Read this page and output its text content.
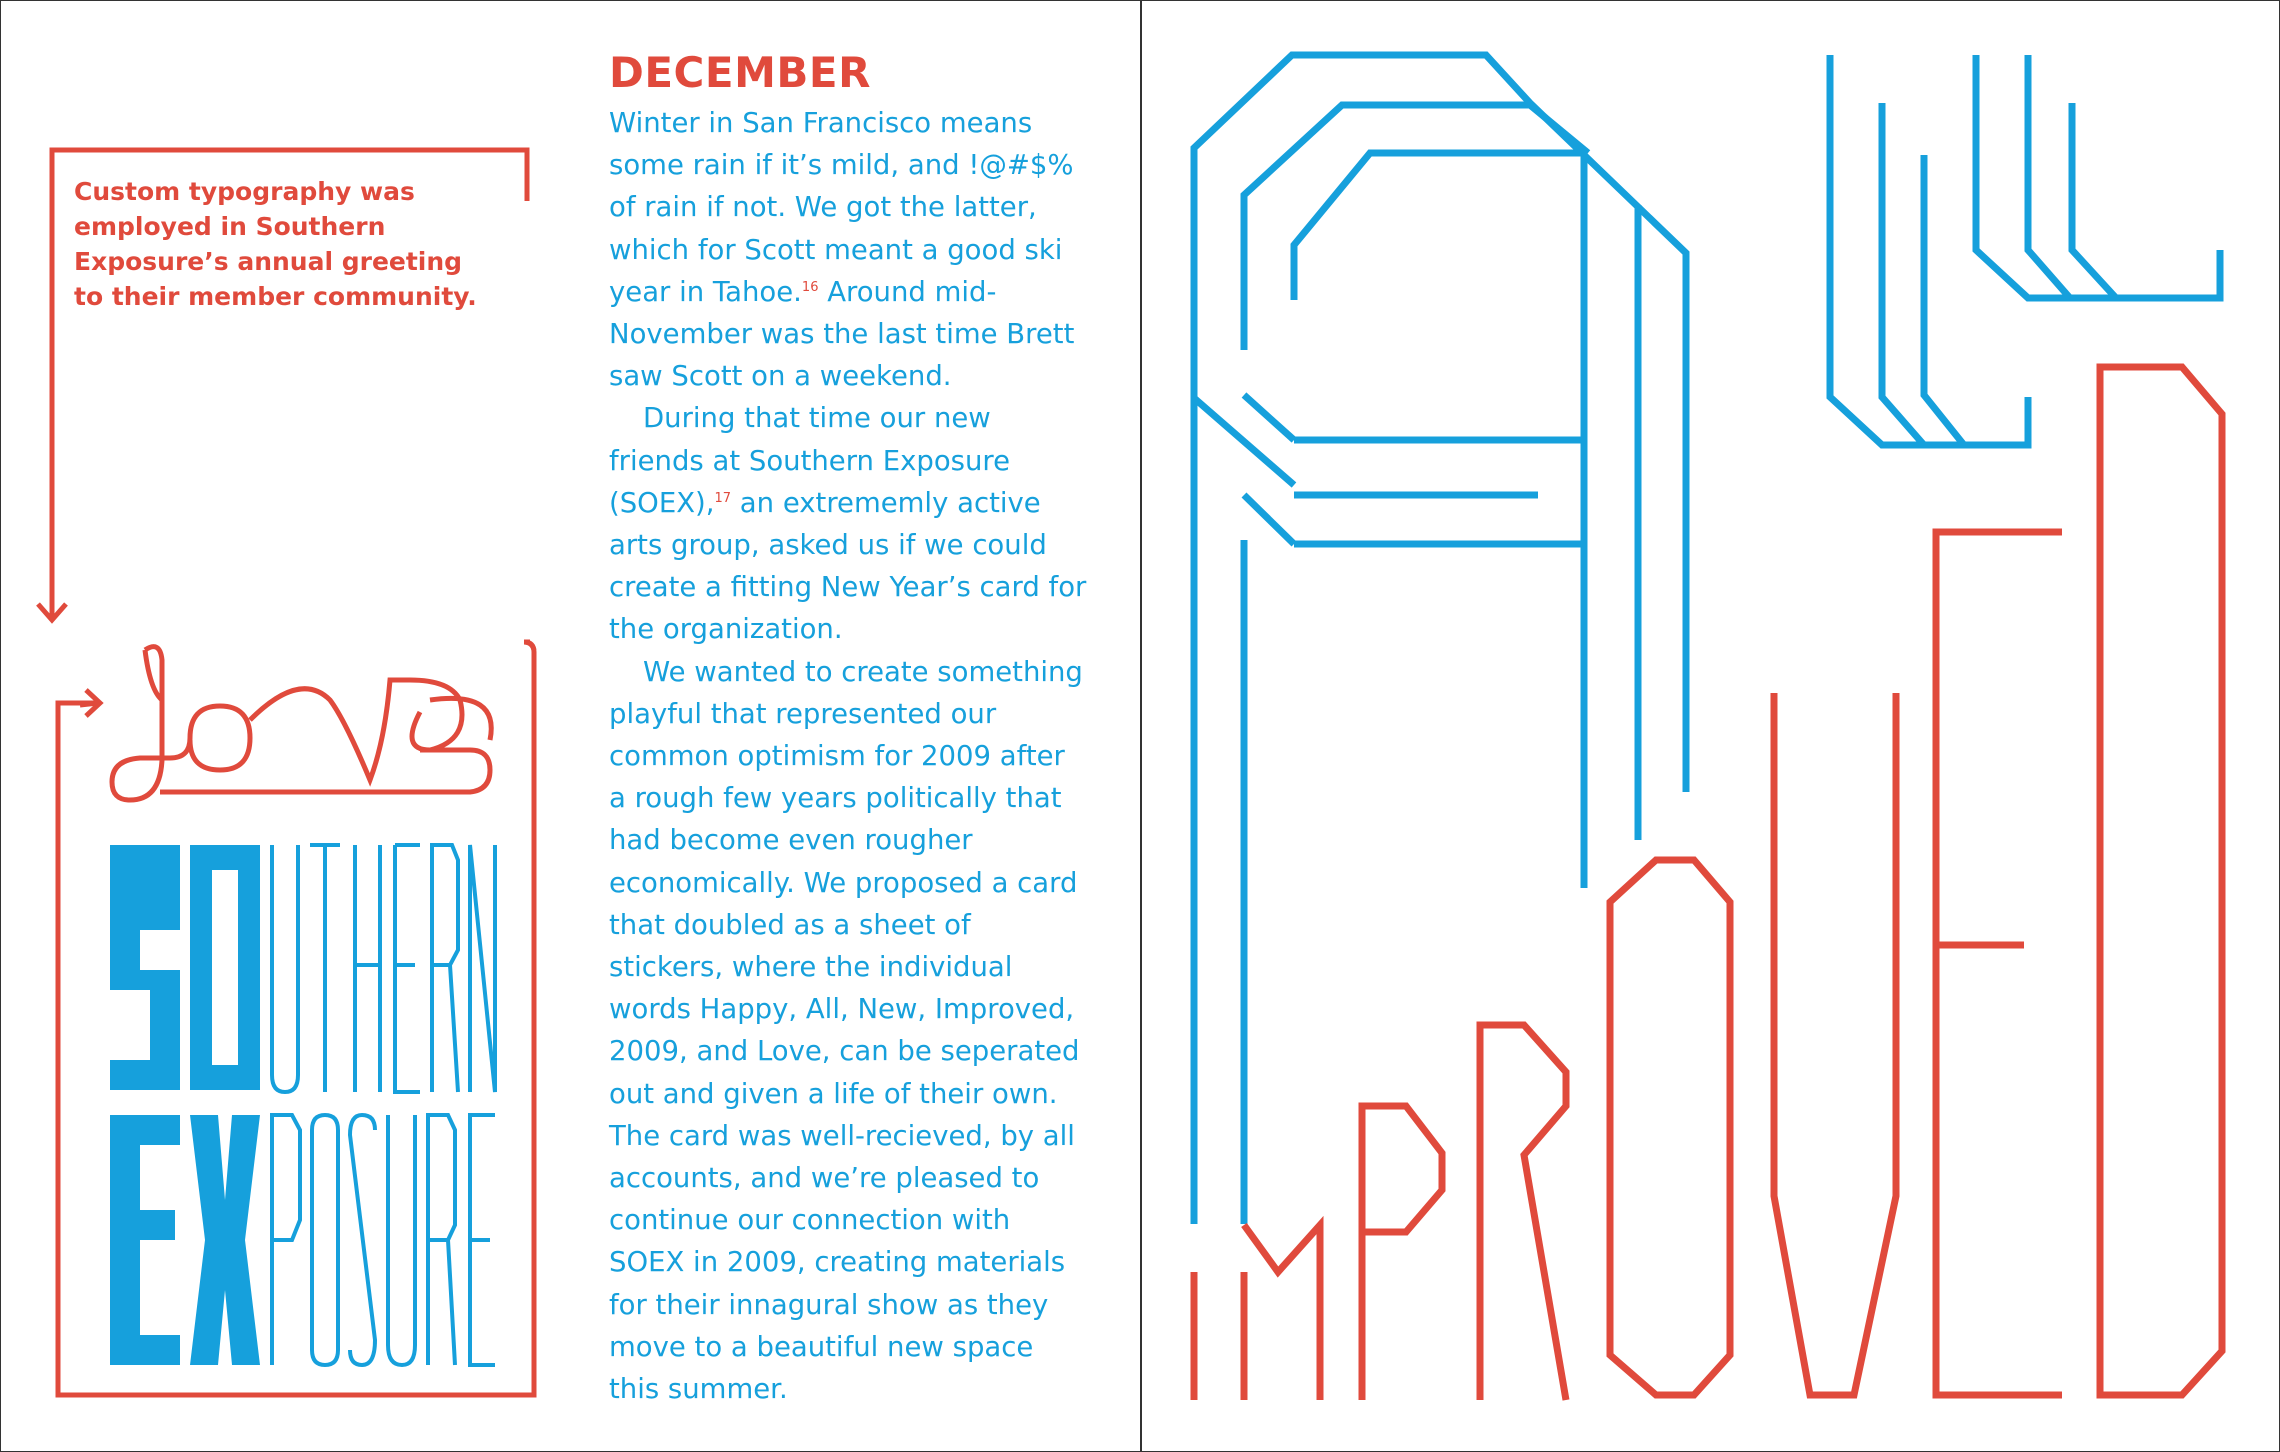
Custom typography was employed in Southern Exposure’s annual greeting to their member community.
DECEMBER

Winter in San Francisco means some rain if it’s mild, and !@#$% of rain if not. We got the latter, which for Scott meant a good ski year in Tahoe.$^{16}$ Around mid-November was the last time Brett saw Scott on a weekend.

During that time our new friends at Southern Exposure (SOEX),$^{17}$ an extrememly active arts group, asked us if we could create a fitting New Year’s card for the organization.

We wanted to create something playful that represented our common optimism for 2009 after a rough few years politically that had become even rougher economically. We proposed a card that doubled as a sheet of stickers, where the individual words Happy, All, New, Improved, 2009, and Love, can be seperated out and given a life of their own. The card was well-recieved, by all accounts, and we’re pleased to continue our connection with SOEX in 2009, creating materials for their innagural show as they move to a beautiful new space this summer.
